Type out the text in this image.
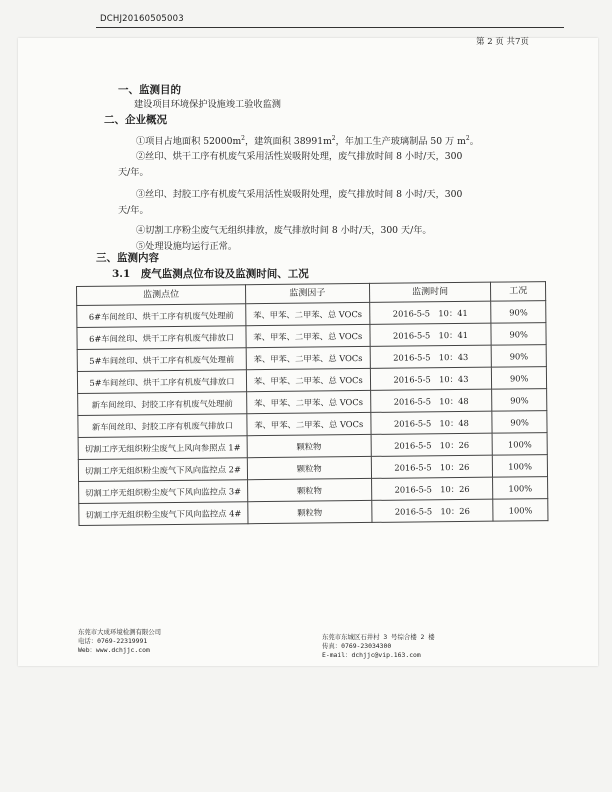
DCHJ20160505003
第 2 页 共7页
一、监测目的
建设项目环境保护设施竣工验收监测
二、企业概况
①项目占地面积 $52000m^2$，建筑面积 $38991m^2$，年加工生产玻璃制品 50 万 $m^2$。
②丝印、烘干工序有机废气采用活性炭吸附处理，废气排放时间 8 小时/天，300
天/年。
③丝印、封胶工序有机废气采用活性炭吸附处理，废气排放时间 8 小时/天，300
天/年。
④切割工序粉尘废气无组织排放，废气排放时间 8 小时/天，300 天/年。
⑤处理设施均运行正常。
三、监测内容
3.1　废气监测点位布设及监测时间、工况
监测点位	监测因子	监测时间	工况
6#车间丝印、烘干工序有机废气处理前	苯、甲苯、二甲苯、总 VOCs	2016-5-5　10：41	90%
6#车间丝印、烘干工序有机废气排放口	苯、甲苯、二甲苯、总 VOCs	2016-5-5　10：41	90%
5#车间丝印、烘干工序有机废气处理前	苯、甲苯、二甲苯、总 VOCs	2016-5-5　10：43	90%
5#车间丝印、烘干工序有机废气排放口	苯、甲苯、二甲苯、总 VOCs	2016-5-5　10：43	90%
新车间丝印、封胶工序有机废气处理前	苯、甲苯、二甲苯、总 VOCs	2016-5-5　10：48	90%
新车间丝印、封胶工序有机废气排放口	苯、甲苯、二甲苯、总 VOCs	2016-5-5　10：48	90%
切割工序无组织粉尘废气上风向参照点 1#	颗粒物	2016-5-5　10：26	100%
切割工序无组织粉尘废气下风向监控点 2#	颗粒物	2016-5-5　10：26	100%
切割工序无组织粉尘废气下风向监控点 3#	颗粒物	2016-5-5　10：26	100%
切割工序无组织粉尘废气下风向监控点 4#	颗粒物	2016-5-5　10：26	100%
东莞市大成环境检测有限公司
电话：0769-22319991
Web：www.dchjjc.com
东莞市东城区石井村 3 号综合楼 2 楼
传真：0769-23034300
E-mail：dchjjc@vip.163.com
